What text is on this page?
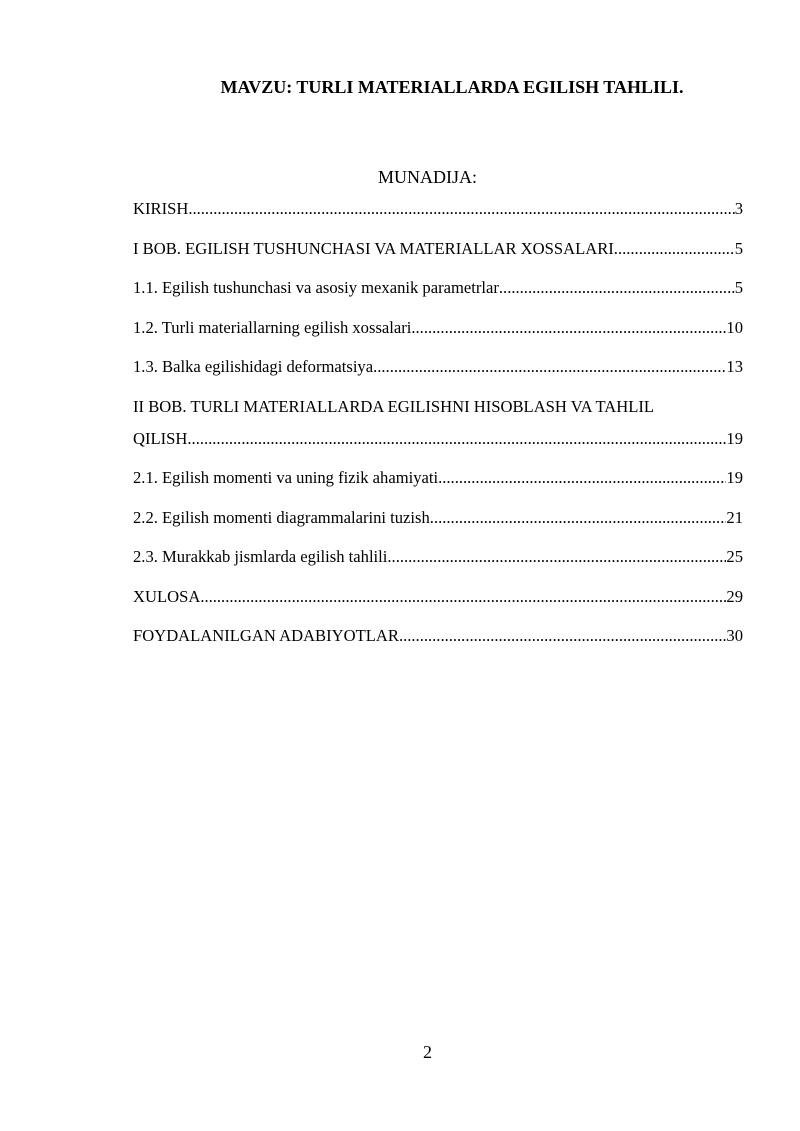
MAVZU: TURLI MATERIALLARDA EGILISH TAHLILI.
MUNADIJA:
KIRISH .....	3
I BOB. EGILISH TUSHUNCHASI VA MATERIALLAR XOSSALARI .....	5
1.1. Egilish tushunchasi va asosiy mexanik parametrlar .....	5
1.2. Turli materiallarning egilish xossalari .....	10
1.3. Balka egilishidagi deformatsiya .....	13
II BOB. TURLI MATERIALLARDA EGILISHNI HISOBLASH VA TAHLIL
QILISH .....	19
2.1. Egilish momenti va uning fizik ahamiyati .....	19
2.2. Egilish momenti diagrammalarini tuzish .....	21
2.3. Murakkab jismlarda egilish tahlili .....	25
XULOSA .....	29
FOYDALANILGAN ADABIYOTLAR .....	30
2
